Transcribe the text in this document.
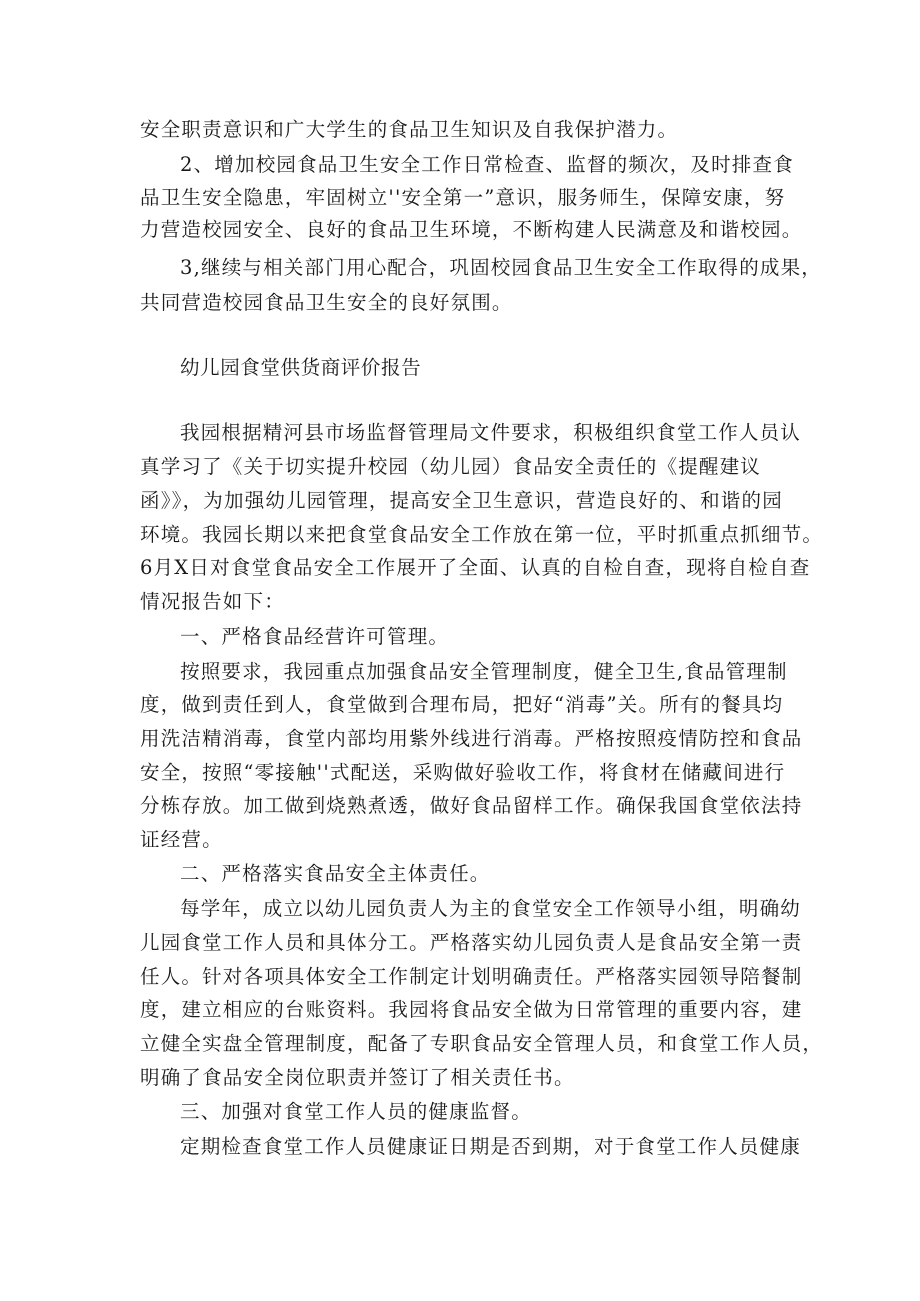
安全职责意识和广大学生的食品卫生知识及自我保护潜力。
2、增加校园食品卫生安全工作日常检查、监督的频次，及时排查食
品卫生安全隐患，牢固树立''安全第一”意识，服务师生，保障安康，努
力营造校园安全、良好的食品卫生环境，不断构建人民满意及和谐校园。
3,继续与相关部门用心配合，巩固校园食品卫生安全工作取得的成果，
共同营造校园食品卫生安全的良好氛围。
幼儿园食堂供货商评价报告
我园根据精河县市场监督管理局文件要求，积极组织食堂工作人员认
真学习了《关于切实提升校园（幼儿园）食品安全责任的《提醒建议
函》》，为加强幼儿园管理，提高安全卫生意识，营造良好的、和谐的园
环境。我园长期以来把食堂食品安全工作放在第一位，平时抓重点抓细节。
6月X日对食堂食品安全工作展开了全面、认真的自检自查，现将自检自查
情况报告如下：
一、严格食品经营许可管理。
按照要求，我园重点加强食品安全管理制度，健全卫生,食品管理制
度，做到责任到人，食堂做到合理布局，把好“消毒”关。所有的餐具均
用洗洁精消毒，食堂内部均用紫外线进行消毒。严格按照疫情防控和食品
安全，按照“零接触''式配送，采购做好验收工作，将食材在储藏间进行
分栋存放。加工做到烧熟煮透，做好食品留样工作。确保我国食堂依法持
证经营。
二、严格落实食品安全主体责任。
每学年，成立以幼儿园负责人为主的食堂安全工作领导小组，明确幼
儿园食堂工作人员和具体分工。严格落实幼儿园负责人是食品安全第一责
任人。针对各项具体安全工作制定计划明确责任。严格落实园领导陪餐制
度，建立相应的台账资料。我园将食品安全做为日常管理的重要内容，建
立健全实盘全管理制度，配备了专职食品安全管理人员，和食堂工作人员，
明确了食品安全岗位职责并签订了相关责任书。
三、加强对食堂工作人员的健康监督。
定期检查食堂工作人员健康证日期是否到期，对于食堂工作人员健康
